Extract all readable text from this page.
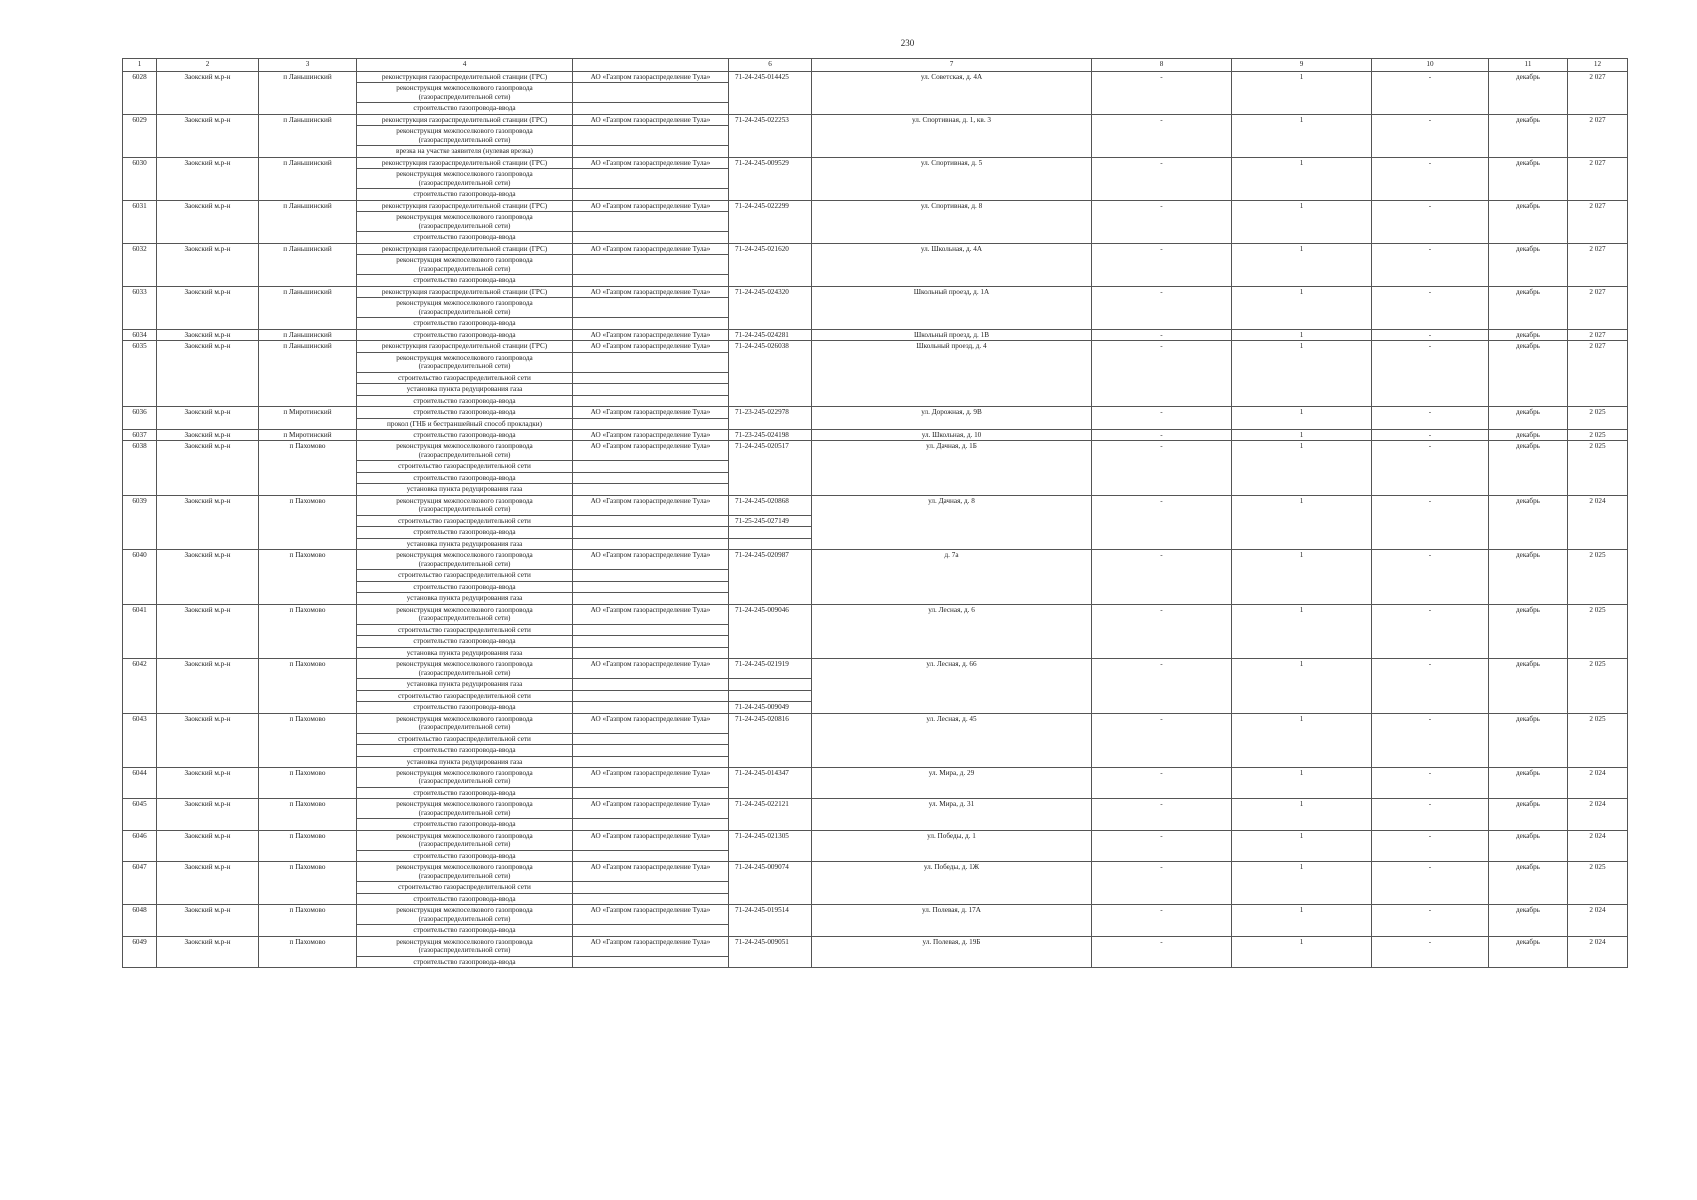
230
1	2	3	4		6	7	8	9	10	11	12
6028	Заокский м.р-н	п Ланьшинский	реконструкция газораспределительной станции (ГРС)	АО «Газпром газораспределение Тула»	71-24-245-014425	ул. Советская, д. 4А	-	1	-	декабрь	2 027
			реконструкция межпоселкового газопровода (газораспределительной сети)								
			строительство газопровода-ввода								
6029	Заокский м.р-н	п Ланьшинский	реконструкция газораспределительной станции (ГРС)	АО «Газпром газораспределение Тула»	71-24-245-022253	ул. Спортивная, д. 1, кв. 3	-	1	-	декабрь	2 027
			реконструкция межпоселкового газопровода (газораспределительной сети)								
			врезка на участке заявителя (нулевая врезка)								
6030	Заокский м.р-н	п Ланьшинский	реконструкция газораспределительной станции (ГРС)	АО «Газпром газораспределение Тула»	71-24-245-009529	ул. Спортивная, д. 5	-	1	-	декабрь	2 027
			реконструкция межпоселкового газопровода (газораспределительной сети)								
			строительство газопровода-ввода								
6031	Заокский м.р-н	п Ланьшинский	реконструкция газораспределительной станции (ГРС)	АО «Газпром газораспределение Тула»	71-24-245-022299	ул. Спортивная, д. 8	-	1	-	декабрь	2 027
			реконструкция межпоселкового газопровода (газораспределительной сети)								
			строительство газопровода-ввода								
6032	Заокский м.р-н	п Ланьшинский	реконструкция газораспределительной станции (ГРС)	АО «Газпром газораспределение Тула»	71-24-245-021620	ул. Школьная, д. 4А	-	1	-	декабрь	2 027
			реконструкция межпоселкового газопровода (газораспределительной сети)								
			строительство газопровода-ввода								
6033	Заокский м.р-н	п Ланьшинский	реконструкция газораспределительной станции (ГРС)	АО «Газпром газораспределение Тула»	71-24-245-024320	Школьный проезд, д. 1А	-	1	-	декабрь	2 027
			реконструкция межпоселкового газопровода (газораспределительной сети)								
			строительство газопровода-ввода								
6034	Заокский м.р-н	п Ланьшинский	строительство газопровода-ввода	АО «Газпром газораспределение Тула»	71-24-245-024281	Школьный проезд, д. 1В	-	1	-	декабрь	2 027
6035	Заокский м.р-н	п Ланьшинский	реконструкция газораспределительной станции (ГРС)	АО «Газпром газораспределение Тула»	71-24-245-026038	Школьный проезд, д. 4	-	1	-	декабрь	2 027
			реконструкция межпоселкового газопровода (газораспределительной сети)								
			строительство газораспределительной сети								
			установка пункта редуцирования газа								
			строительство газопровода-ввода								
6036	Заокский м.р-н	п Миротинский	строительство газопровода-ввода	АО «Газпром газораспределение Тула»	71-23-245-022978	ул. Дорожная, д. 9В	-	1	-	декабрь	2 025
			прокол (ГНБ и бестраншейный способ прокладки)								
6037	Заокский м.р-н	п Миротинский	строительство газопровода-ввода	АО «Газпром газораспределение Тула»	71-23-245-024198	ул. Школьная, д. 10	-	1	-	декабрь	2 025
6038	Заокский м.р-н	п Пахомово	реконструкция межпоселкового газопровода (газораспределительной сети)	АО «Газпром газораспределение Тула»	71-24-245-020517	ул. Дачная, д. 1Б	-	1	-	декабрь	2 025
			строительство газораспределительной сети								
			строительство газопровода-ввода								
			установка пункта редуцирования газа								
6039	Заокский м.р-н	п Пахомово	реконструкция межпоселкового газопровода (газораспределительной сети)	АО «Газпром газораспределение Тула»	71-24-245-020868	ул. Дачная, д. 8	-	1	-	декабрь	2 024
			строительство газораспределительной сети		71-25-245-027149						
			строительство газопровода-ввода								
			установка пункта редуцирования газа								
6040	Заокский м.р-н	п Пахомово	реконструкция межпоселкового газопровода (газораспределительной сети)	АО «Газпром газораспределение Тула»	71-24-245-020987	д. 7а	-	1	-	декабрь	2 025
			строительство газораспределительной сети								
			строительство газопровода-ввода								
			установка пункта редуцирования газа								
6041	Заокский м.р-н	п Пахомово	реконструкция межпоселкового газопровода (газораспределительной сети)	АО «Газпром газораспределение Тула»	71-24-245-009046	ул. Лесная, д. 6	-	1	-	декабрь	2 025
			строительство газораспределительной сети								
			строительство газопровода-ввода								
			установка пункта редуцирования газа								
6042	Заокский м.р-н	п Пахомово	реконструкция межпоселкового газопровода (газораспределительной сети)	АО «Газпром газораспределение Тула»	71-24-245-021919	ул. Лесная, д. 66	-	1	-	декабрь	2 025
			установка пункта редуцирования газа								
			строительство газораспределительной сети								
			строительство газопровода-ввода		71-24-245-009049						
6043	Заокский м.р-н	п Пахомово	реконструкция межпоселкового газопровода (газораспределительной сети)	АО «Газпром газораспределение Тула»	71-24-245-020816	ул. Лесная, д. 45	-	1	-	декабрь	2 025
			строительство газораспределительной сети								
			строительство газопровода-ввода								
			установка пункта редуцирования газа								
6044	Заокский м.р-н	п Пахомово	реконструкция межпоселкового газопровода (газораспределительной сети)	АО «Газпром газораспределение Тула»	71-24-245-014347	ул. Мира, д. 29	-	1	-	декабрь	2 024
			строительство газопровода-ввода								
6045	Заокский м.р-н	п Пахомово	реконструкция межпоселкового газопровода (газораспределительной сети)	АО «Газпром газораспределение Тула»	71-24-245-022121	ул. Мира, д. 31	-	1	-	декабрь	2 024
			строительство газопровода-ввода								
6046	Заокский м.р-н	п Пахомово	реконструкция межпоселкового газопровода (газораспределительной сети)	АО «Газпром газораспределение Тула»	71-24-245-021305	ул. Победы, д. 1	-	1	-	декабрь	2 024
			строительство газопровода-ввода								
6047	Заокский м.р-н	п Пахомово	реконструкция межпоселкового газопровода (газораспределительной сети)	АО «Газпром газораспределение Тула»	71-24-245-009074	ул. Победы, д. 1Ж	-	1	-	декабрь	2 025
			строительство газораспределительной сети								
			строительство газопровода-ввода								
6048	Заокский м.р-н	п Пахомово	реконструкция межпоселкового газопровода (газораспределительной сети)	АО «Газпром газораспределение Тула»	71-24-245-019514	ул. Полевая, д. 17А	-	1	-	декабрь	2 024
			строительство газопровода-ввода								
6049	Заокский м.р-н	п Пахомово	реконструкция межпоселкового газопровода (газораспределительной сети)	АО «Газпром газораспределение Тула»	71-24-245-009051	ул. Полевая, д. 19Б	-	1	-	декабрь	2 024
			строительство газопровода-ввода								
